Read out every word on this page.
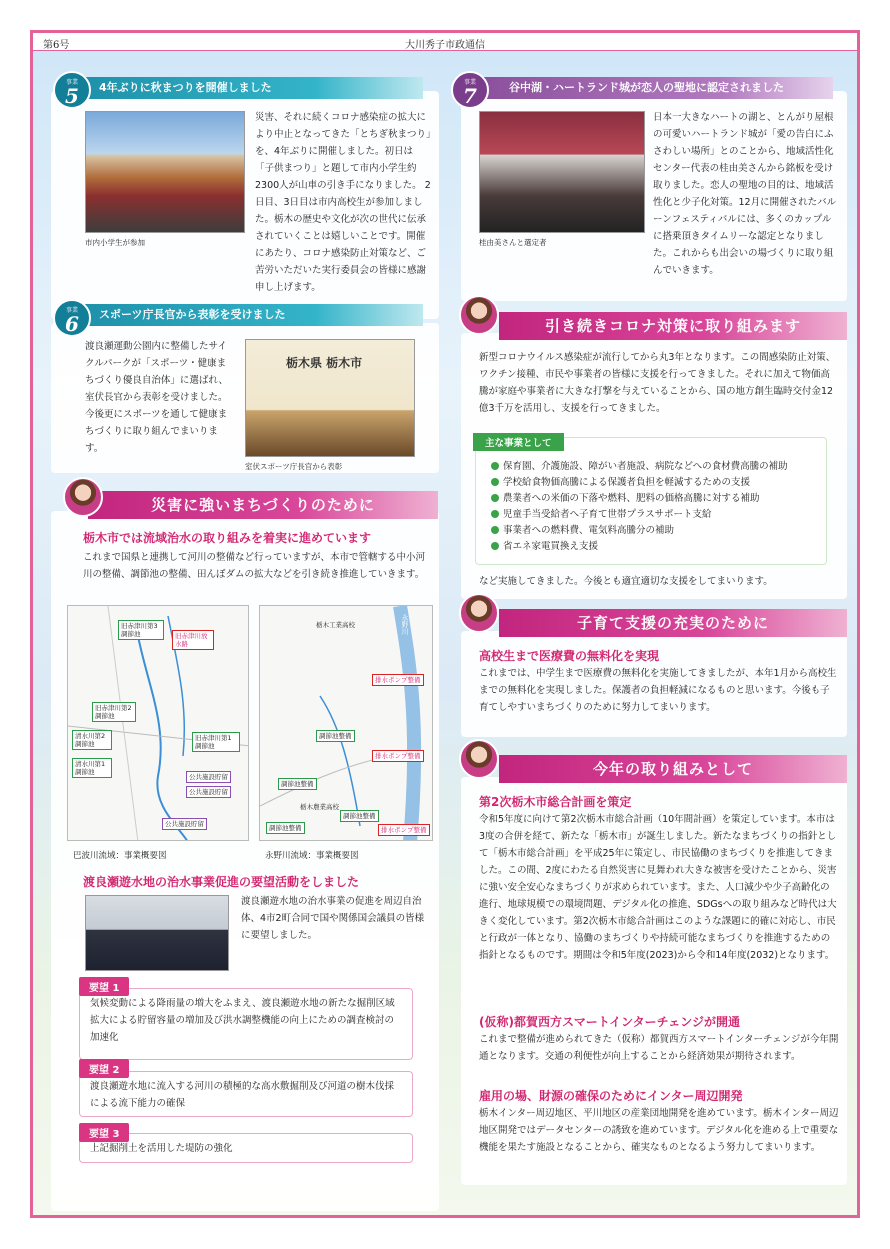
第6号	大川秀子市政通信
4年ぶりに秋まつりを開催しました
事業
5
市内小学生が参加
災害、それに続くコロナ感染症の拡大により中止となってきた「とちぎ秋まつり」を、4年ぶりに開催しました。初日は「子供まつり」と題して市内小学生約2300人が山車の引き手になりました。 2日目、3日目は市内高校生が参加しました。栃木の歴史や文化が次の世代に伝承されていくことは嬉しいことです。開催にあたり、コロナ感染防止対策など、ご苦労いただいた実行委員会の皆様に感謝申し上げます。
スポーツ庁長官から表彰を受けました
事業
6
渡良瀬運動公園内に整備したサイクルパークが「スポーツ・健康まちづくり優良自治体」に選ばれ、室伏長官から表彰を受けました。今後更にスポーツを通して健康まちづくりに取り組んでまいります。
栃木県 栃木市
室伏スポーツ庁長官から表彰
災害に強いまちづくりのために
栃木市では流域治水の取り組みを着実に進めています
これまで国県と連携して河川の整備など行っていますが、本市で管轄する中小河川の整備、調節池の整備、田んぼダムの拡大などを引き続き推進していきます。
旧赤津川第3調節池	旧赤津川放水路
旧赤津川第2調節池
清水川第2調節池
清水川第1調節池
旧赤津川第1調節池
公共施設貯留
公共施設貯留
公共施設貯留
巴波川流域：事業概要図
永野川
栃木工業高校
排水ポンプ整備
排水ポンプ整備
調節池整備
調節池整備
調節池整備
栃木農業高校
調節池整備
排水ポンプ整備
永野川流域：事業概要図
渡良瀬遊水地の治水事業促進の要望活動をしました
渡良瀬遊水地の治水事業の促進を周辺自治体、4市2町合同で国や関係国会議員の皆様に要望しました。
気候変動による降雨量の増大をふまえ、渡良瀬遊水地の新たな掘削区域拡大による貯留容量の増加及び洪水調整機能の向上にための調査検討の加速化
要望 1
渡良瀬遊水地に流入する河川の積極的な高水敷掘削及び河道の樹木伐採による流下能力の確保
要望 2
上記掘削土を活用した堤防の強化
要望 3
谷中湖・ハートランド城が恋人の聖地に認定されました
事業
7
桂由美さんと選定者
日本一大きなハートの湖と、とんがり屋根の可愛いハートランド城が「愛の告白にふさわしい場所」とのことから、地域活性化センター代表の桂由美さんから銘板を受け取りました。恋人の聖地の目的は、地域活性化と少子化対策。12月に開催されたバルーンフェスティバルには、多くのカップルに搭乗頂きタイムリーな認定となりました。これからも出会いの場づくりに取り組んでいきます。
引き続きコロナ対策に取り組みます
新型コロナウイルス感染症が流行してから丸3年となります。この間感染防止対策、ワクチン接種、市民や事業者の皆様に支援を行ってきました。それに加えて物価高騰が家庭や事業者に大きな打撃を与えていることから、国の地方創生臨時交付金12億3千万を活用し、支援を行ってきました。
主な事業として
保育園、介護施設、障がい者施設、病院などへの食材費高騰の補助
学校給食物価高騰による保護者負担を軽減するための支援
農業者への米価の下落や燃料、肥料の価格高騰に対する補助
児童手当受給者へ子育て世帯プラスサポート支給
事業者への燃料費、電気料高騰分の補助
省エネ家電買換え支援
など実施してきました。今後とも適宜適切な支援をしてまいります。
子育て支援の充実のために
高校生まで医療費の無料化を実現
これまでは、中学生まで医療費の無料化を実施してきましたが、本年1月から高校生までの無料化を実現しました。保護者の負担軽減になるものと思います。今後も子育てしやすいまちづくりのために努力してまいります。
今年の取り組みとして
第2次栃木市総合計画を策定
令和5年度に向けて第2次栃木市総合計画（10年間計画）を策定しています。本市は3度の合併を経て、新たな「栃木市」が誕生しました。新たなまちづくりの指針として「栃木市総合計画」を平成25年に策定し、市民協働のまちづくりを推進してきました。この間、2度にわたる自然災害に見舞われ大きな被害を受けたことから、災害に強い安全安心なまちづくりが求められています。また、人口減少や少子高齢化の進行、地球規模での環境問題、デジタル化の推進、SDGsへの取り組みなど時代は大きく変化しています。第2次栃木市総合計画はこのような課題に的確に対応し、市民と行政が一体となり、協働のまちづくりや持続可能なまちづくりを推進するための指針となるものです。期間は令和5年度(2023)から令和14年度(2032)となります。
(仮称)都賀西方スマートインターチェンジが開通
これまで整備が進められてきた（仮称）都賀西方スマートインターチェンジが今年開通となります。交通の利便性が向上することから経済効果が期待されます。
雇用の場、財源の確保のためにインター周辺開発
栃木インター周辺地区、平川地区の産業団地開発を進めています。栃木インター周辺地区開発ではデータセンターの誘致を進めています。デジタル化を進める上で重要な機能を果たす施設となることから、確実なものとなるよう努力してまいります。
